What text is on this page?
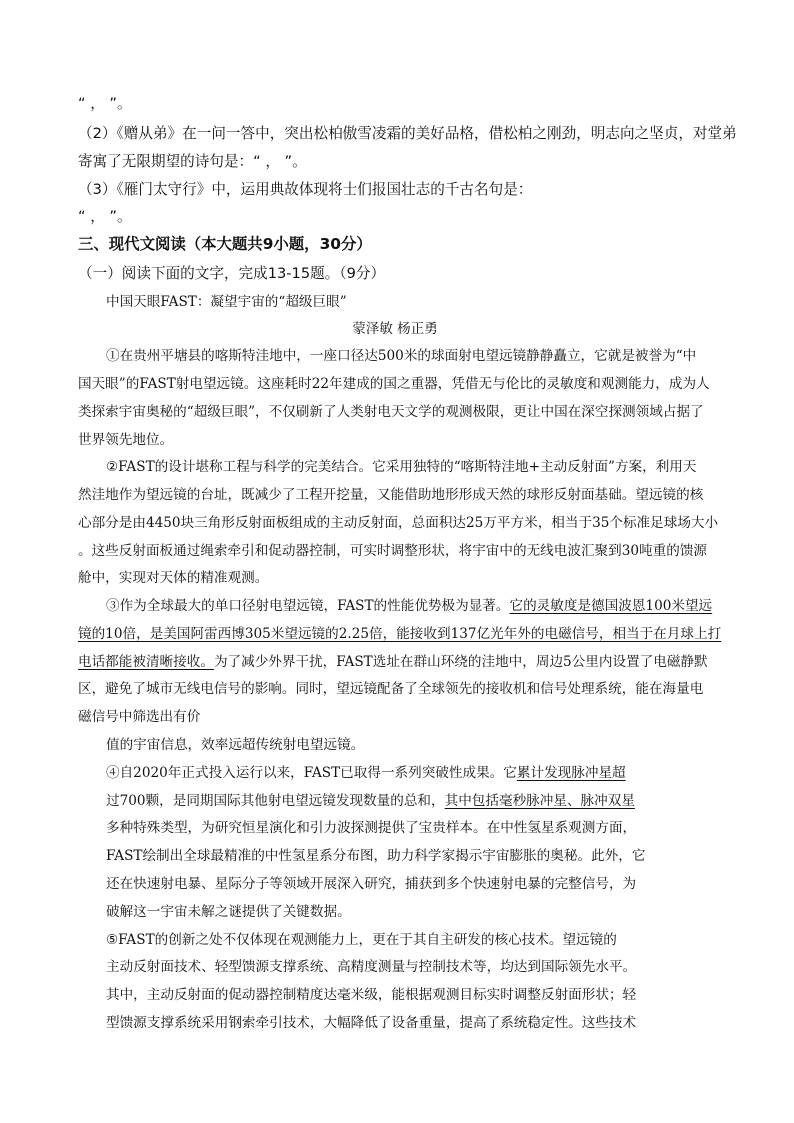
“ ， ”。
（2）《赠从弟》在一问一答中，突出松柏傲雪凌霜的美好品格，借松柏之刚劲，明志向之坚贞，对堂弟
寄寓了无限期望的诗句是：“ ， ”。
（3）《雁门太守行》中，运用典故体现将士们报国壮志的千古名句是：
“ ， ”。
三、现代文阅读（本大题共9小题，30分）
（一）阅读下面的文字，完成13-15题。（9分）
中国天眼FAST：凝望宇宙的“超级巨眼”
蒙泽敏 杨正勇
①在贵州平塘县的喀斯特洼地中，一座口径达500米的球面射电望远镜静静矗立，它就是被誉为“中
国天眼”的FAST射电望远镜。这座耗时22年建成的国之重器，凭借无与伦比的灵敏度和观测能力，成为人
类探索宇宙奥秘的“超级巨眼”，不仅刷新了人类射电天文学的观测极限，更让中国在深空探测领域占据了
世界领先地位。
②FAST的设计堪称工程与科学的完美结合。它采用独特的“喀斯特洼地+主动反射面”方案，利用天
然洼地作为望远镜的台址，既减少了工程开挖量，又能借助地形形成天然的球形反射面基础。望远镜的核
心部分是由4450块三角形反射面板组成的主动反射面，总面积达25万平方米，相当于35个标准足球场大小
。这些反射面板通过绳索牵引和促动器控制，可实时调整形状，将宇宙中的无线电波汇聚到30吨重的馈源
舱中，实现对天体的精准观测。
③作为全球最大的单口径射电望远镜，FAST的性能优势极为显著。它的灵敏度是德国波恩100米望远
镜的10倍，是美国阿雷西博305米望远镜的2.25倍，能接收到137亿光年外的电磁信号，相当于在月球上打
电话都能被清晰接收。为了减少外界干扰，FAST选址在群山环绕的洼地中，周边5公里内设置了电磁静默
区，避免了城市无线电信号的影响。同时，望远镜配备了全球领先的接收机和信号处理系统，能在海量电
磁信号中筛选出有价
值的宇宙信息，效率远超传统射电望远镜。
④自2020年正式投入运行以来，FAST已取得一系列突破性成果。它累计发现脉冲星超
过700颗，是同期国际其他射电望远镜发现数量的总和，其中包括毫秒脉冲星、脉冲双星
多种特殊类型，为研究恒星演化和引力波探测提供了宝贵样本。在中性氢星系观测方面，
FAST绘制出全球最精准的中性氢星系分布图，助力科学家揭示宇宙膨胀的奥秘。此外，它
还在快速射电暴、星际分子等领域开展深入研究，捕获到多个快速射电暴的完整信号，为
破解这一宇宙未解之谜提供了关键数据。
⑤FAST的创新之处不仅体现在观测能力上，更在于其自主研发的核心技术。望远镜的
主动反射面技术、轻型馈源支撑系统、高精度测量与控制技术等，均达到国际领先水平。
其中，主动反射面的促动器控制精度达毫米级，能根据观测目标实时调整反射面形状；轻
型馈源支撑系统采用钢索牵引技术，大幅降低了设备重量，提高了系统稳定性。这些技术
